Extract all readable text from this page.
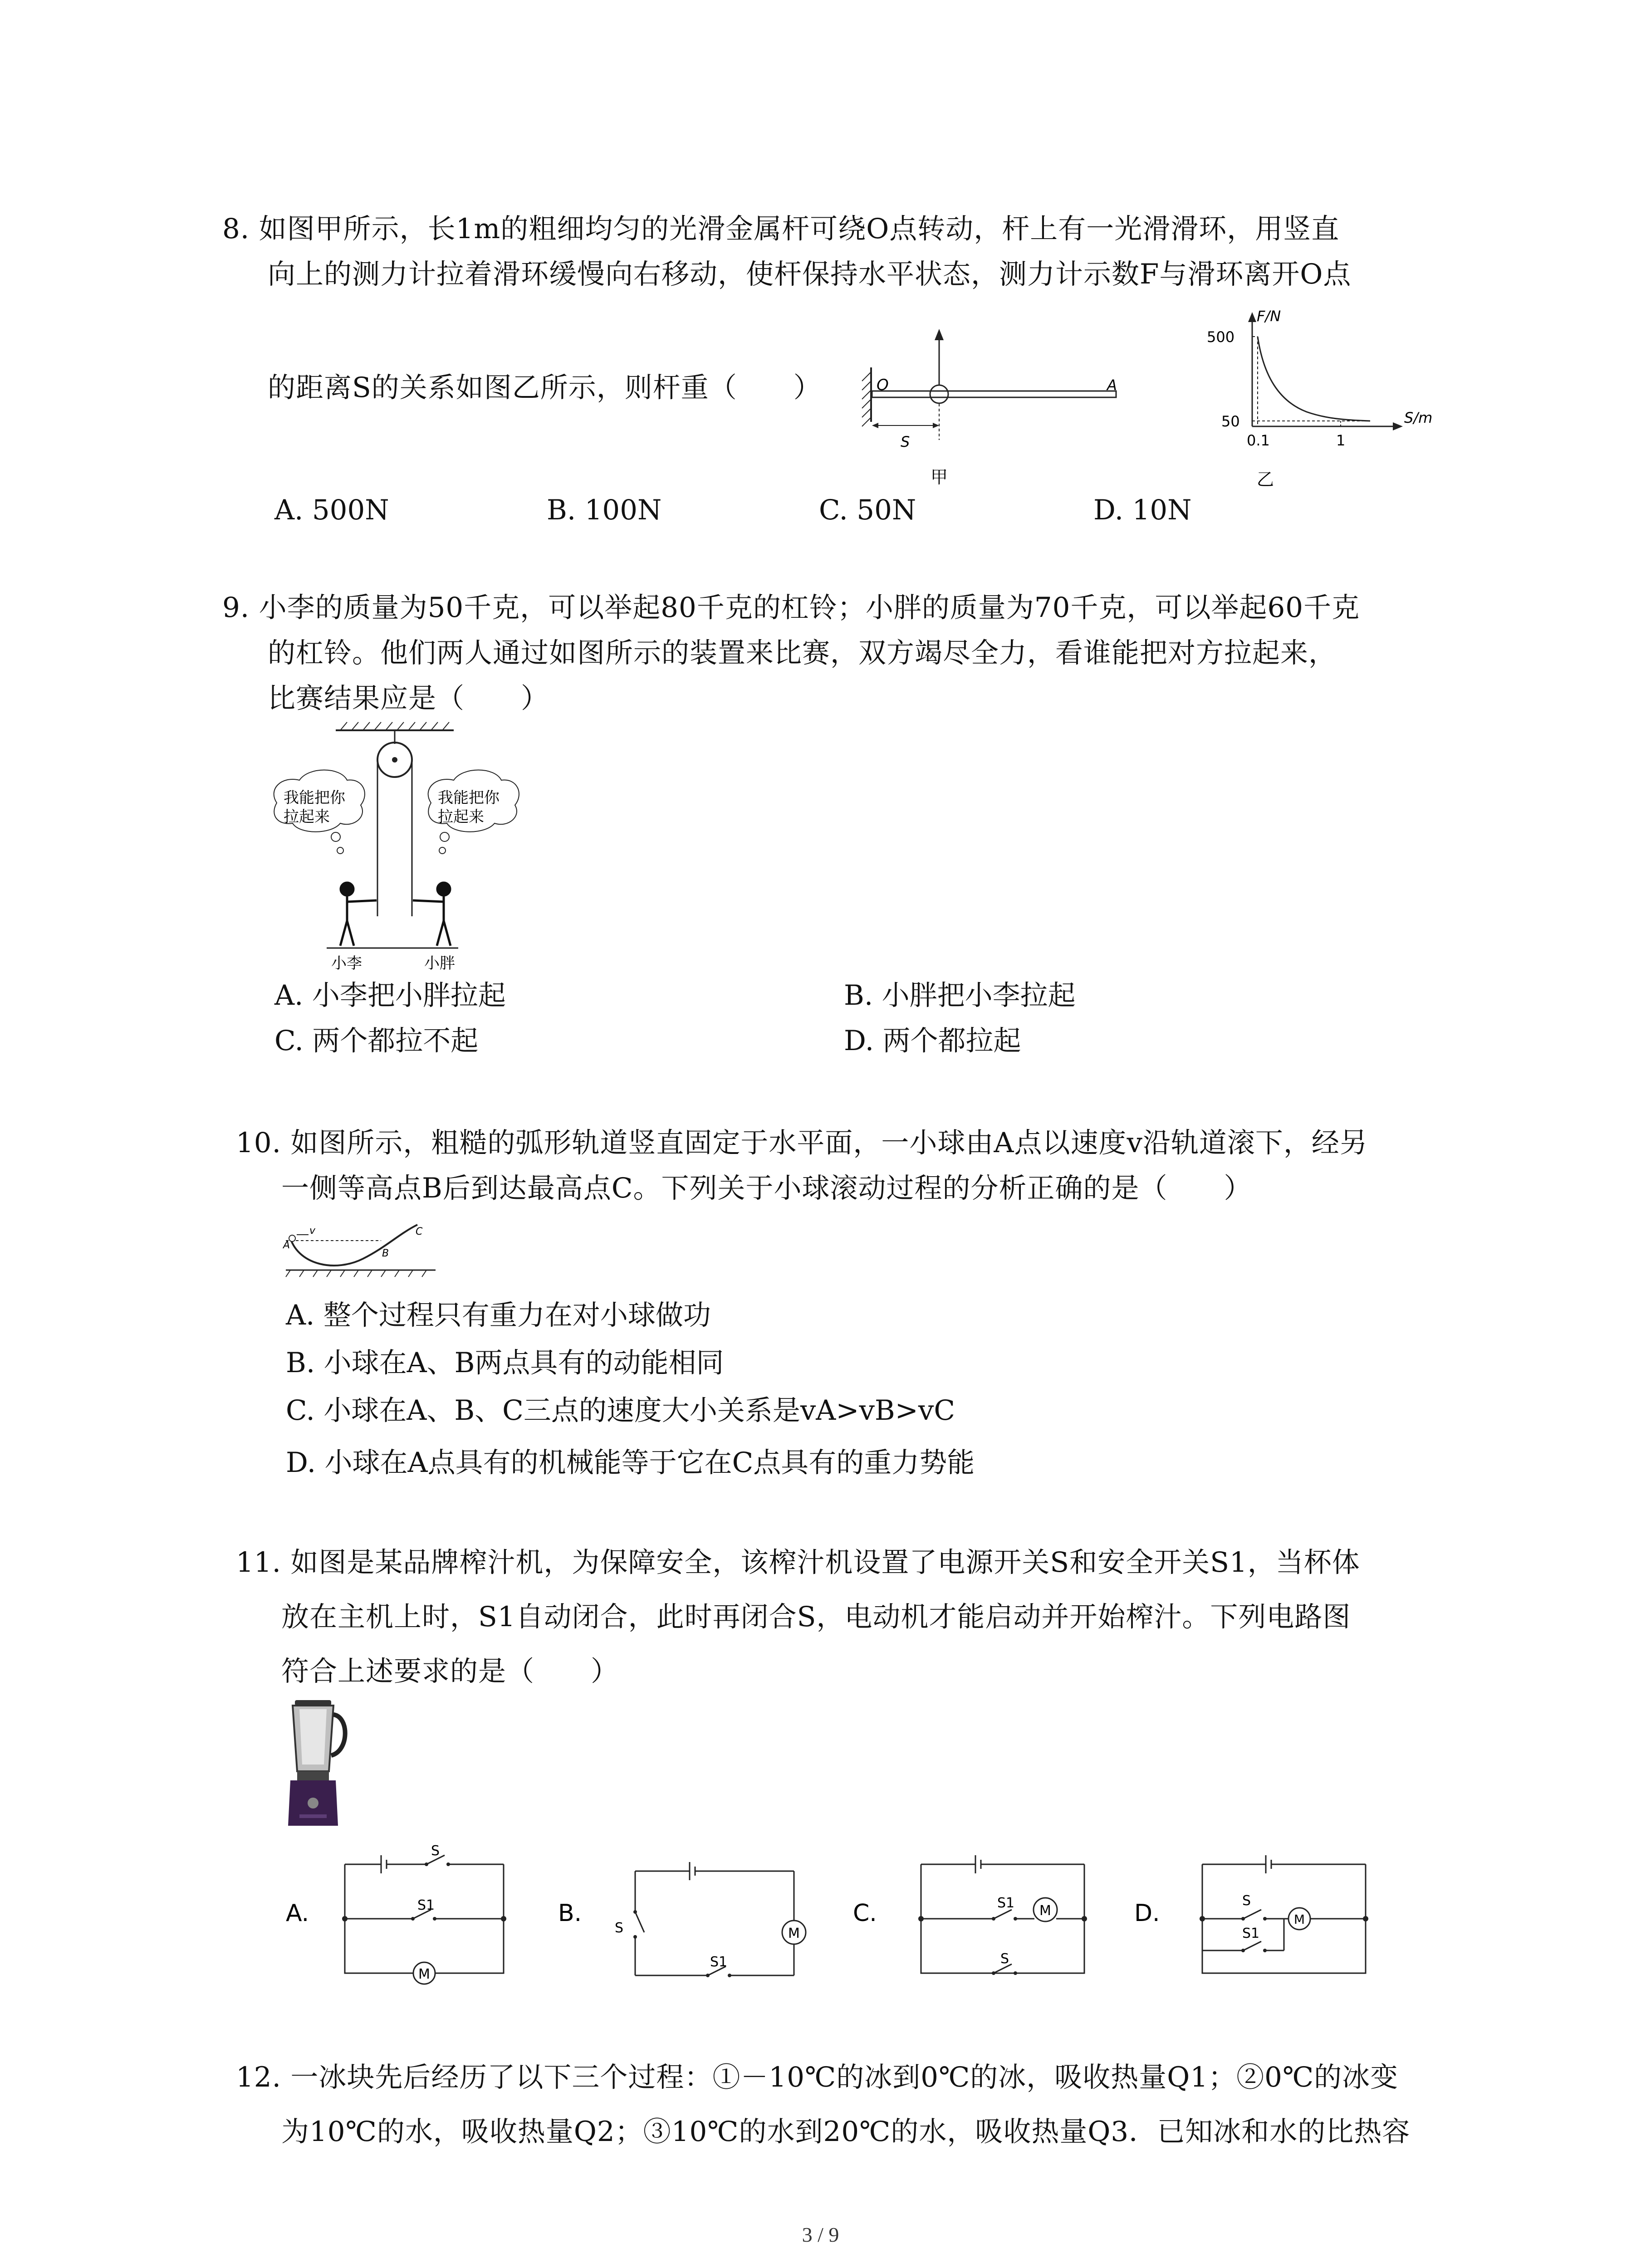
8. 如图甲所示，长1m的粗细均匀的光滑金属杆可绕O点转动，杆上有一光滑滑环，用竖直
向上的测力计拉着滑环缓慢向右移动，使杆保持水平状态，测力计示数F与滑环离开O点
的距离S的关系如图乙所示，则杆重（　　）
S
O	A
甲
F/N
S/m
500
50
0.1	1
乙
A. 500N	B. 100N	C. 50N	D. 10N
9. 小李的质量为50千克，可以举起80千克的杠铃；小胖的质量为70千克，可以举起60千克
的杠铃。他们两人通过如图所示的装置来比赛，双方竭尽全力，看谁能把对方拉起来，
比赛结果应是（　　）
我能把你
拉起来
我能把你
拉起来
小李	小胖
A. 小李把小胖拉起	B. 小胖把小李拉起
C. 两个都拉不起	D. 两个都拉起
10. 如图所示，粗糙的弧形轨道竖直固定于水平面，一小球由A点以速度v沿轨道滚下，经另
一侧等高点B后到达最高点C。下列关于小球滚动过程的分析正确的是（　　）
A
v
B
C
A. 整个过程只有重力在对小球做功
B. 小球在A、B两点具有的动能相同
C. 小球在A、B、C三点的速度大小关系是vA>vB>vC
D. 小球在A点具有的机械能等于它在C点具有的重力势能
11. 如图是某品牌榨汁机，为保障安全，该榨汁机设置了电源开关S和安全开关S1，当杯体
放在主机上时，S1自动闭合，此时再闭合S，电动机才能启动并开始榨汁。下列电路图
符合上述要求的是（　　）
A.
M
S
S1	B.
M
S
S1
C.	M
S1
S
D.	M
S
S1
12. 一冰块先后经历了以下三个过程：①－10℃的冰到0℃的冰，吸收热量Q1；②0℃的冰变
为10℃的水，吸收热量Q2；③10℃的水到20℃的水，吸收热量Q3．已知冰和水的比热容
3 / 9
